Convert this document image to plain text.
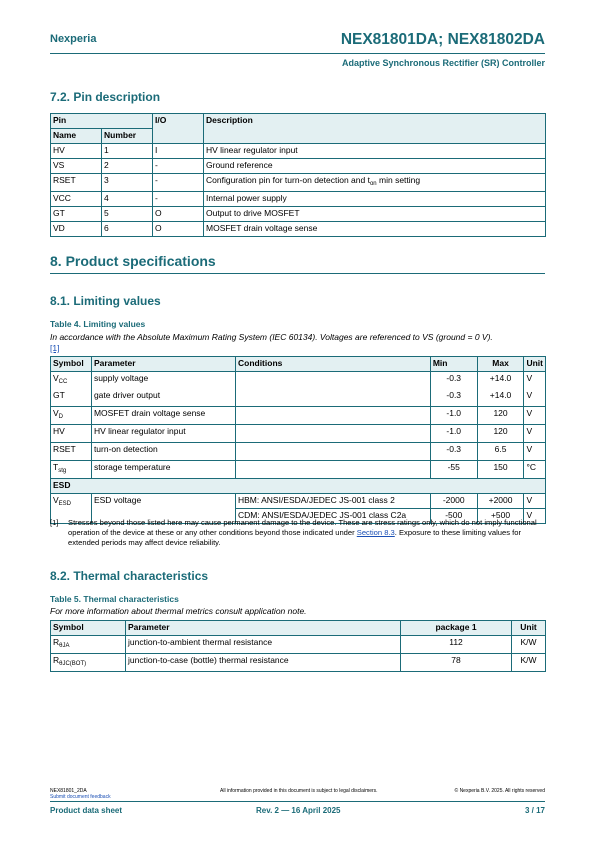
Nexperia	NEX81801DA; NEX81802DA
Adaptive Synchronous Rectifier (SR) Controller
7.2. Pin description
Pin		I/O	Description
Name	Number		
HV	1	I	HV linear regulator input
VS	2	-	Ground reference
RSET	3	-	Configuration pin for turn-on detection and $t_{on}$ min setting
VCC	4	-	Internal power supply
GT	5	O	Output to drive MOSFET
VD	6	O	MOSFET drain voltage sense
8. Product specifications
8.1. Limiting values
Table 4. Limiting values
In accordance with the Absolute Maximum Rating System (IEC 60134). Voltages are referenced to VS (ground = 0 V).
[1]
Symbol	Parameter	Conditions	Min	Max	Unit
$V_{CC}$	supply voltage		-0.3	+14.0	V
GT	gate driver output		-0.3	+14.0	V
$V_D$	MOSFET drain voltage sense		-1.0	120	V
HV	HV linear regulator input		-1.0	120	V
RSET	turn-on detection		-0.3	6.5	V
$T_{stg}$	storage temperature		-55	150	°C
ESD					
$V_{ESD}$	ESD voltage	HBM: ANSI/ESDA/JEDEC JS-001 class 2	-2000	+2000	V
		CDM: ANSI/ESDA/JEDEC JS-001 class C2a	-500	+500	V
[1] Stresses beyond those listed here may cause permanent damage to the device. These are stress ratings only, which do not imply functional operation of the device at these or any other conditions beyond those indicated under Section 8.3. Exposure to these limiting values for extended periods may affect device reliability.
8.2. Thermal characteristics
Table 5. Thermal characteristics
For more information about thermal metrics consult application note.
Symbol	Parameter	package 1	Unit
$R_{\theta JA}$	junction-to-ambient thermal resistance	112	K/W
$R_{\theta JC(BOT)}$	junction-to-case (bottle) thermal resistance	78	K/W
NEX81801_2DA
Submit document feedback
All information provided in this document is subject to legal disclaimers.	© Nexperia B.V. 2025. All rights reserved
Product data sheet	Rev. 2 — 16 April 2025	3 / 17
